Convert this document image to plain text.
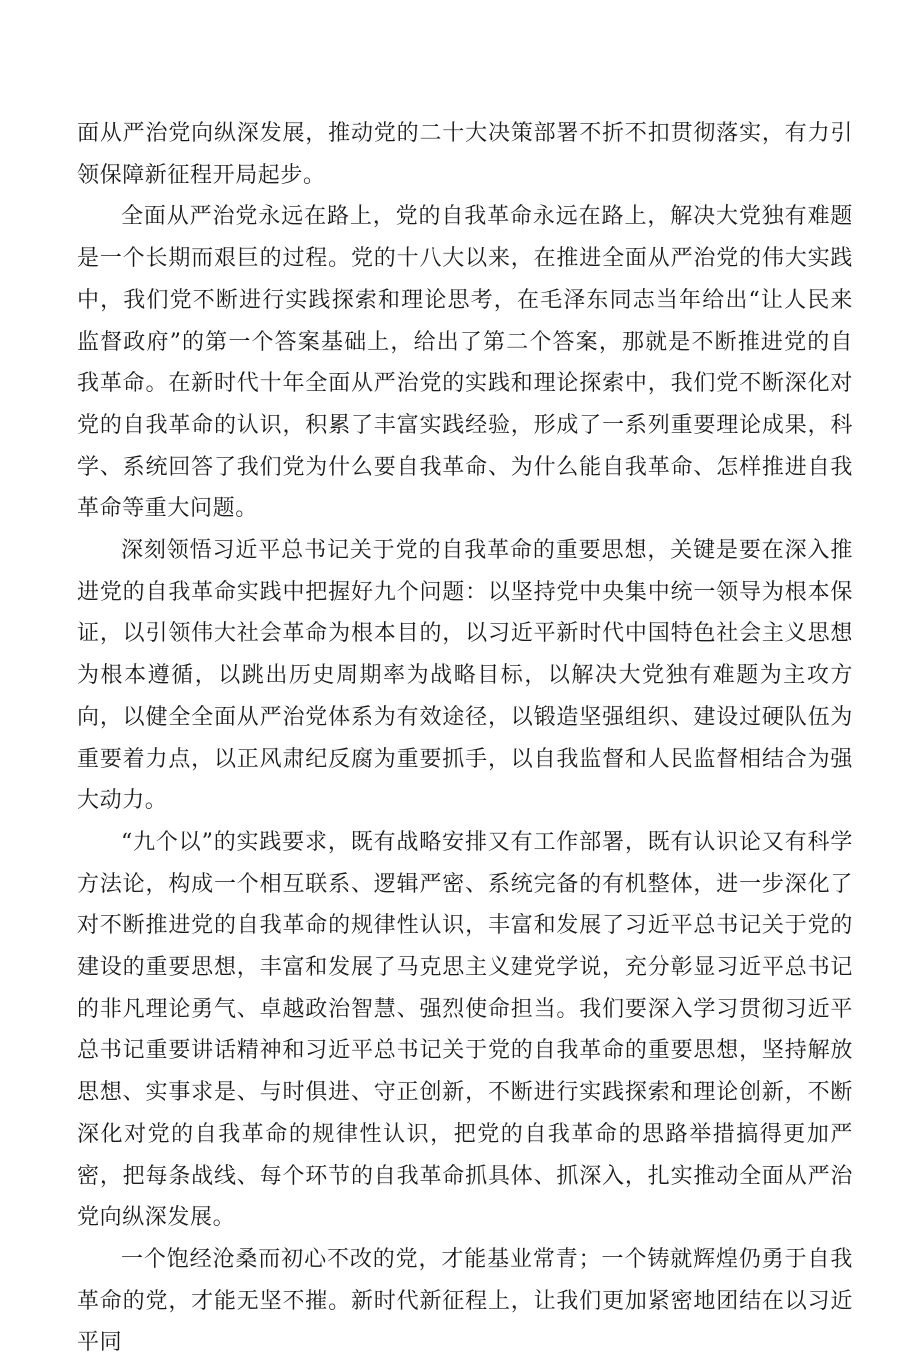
面从严治党向纵深发展，推动党的二十大决策部署不折不扣贯彻落实，有力引领保障新征程开局起步。

全面从严治党永远在路上，党的自我革命永远在路上，解决大党独有难题是一个长期而艰巨的过程。党的十八大以来，在推进全面从严治党的伟大实践中，我们党不断进行实践探索和理论思考，在毛泽东同志当年给出“让人民来监督政府”的第一个答案基础上，给出了第二个答案，那就是不断推进党的自我革命。在新时代十年全面从严治党的实践和理论探索中，我们党不断深化对党的自我革命的认识，积累了丰富实践经验，形成了一系列重要理论成果，科学、系统回答了我们党为什么要自我革命、为什么能自我革命、怎样推进自我革命等重大问题。

深刻领悟习近平总书记关于党的自我革命的重要思想，关键是要在深入推进党的自我革命实践中把握好九个问题：以坚持党中央集中统一领导为根本保证，以引领伟大社会革命为根本目的，以习近平新时代中国特色社会主义思想为根本遵循，以跳出历史周期率为战略目标，以解决大党独有难题为主攻方向，以健全全面从严治党体系为有效途径，以锻造坚强组织、建设过硬队伍为重要着力点，以正风肃纪反腐为重要抓手，以自我监督和人民监督相结合为强大动力。

“九个以”的实践要求，既有战略安排又有工作部署，既有认识论又有科学方法论，构成一个相互联系、逻辑严密、系统完备的有机整体，进一步深化了对不断推进党的自我革命的规律性认识，丰富和发展了习近平总书记关于党的建设的重要思想，丰富和发展了马克思主义建党学说，充分彰显习近平总书记的非凡理论勇气、卓越政治智慧、强烈使命担当。我们要深入学习贯彻习近平总书记重要讲话精神和习近平总书记关于党的自我革命的重要思想，坚持解放思想、实事求是、与时俱进、守正创新，不断进行实践探索和理论创新，不断深化对党的自我革命的规律性认识，把党的自我革命的思路举措搞得更加严密，把每条战线、每个环节的自我革命抓具体、抓深入，扎实推动全面从严治党向纵深发展。

一个饱经沧桑而初心不改的党，才能基业常青；一个铸就辉煌仍勇于自我革命的党，才能无坚不摧。新时代新征程上，让我们更加紧密地团结在以习近平同
